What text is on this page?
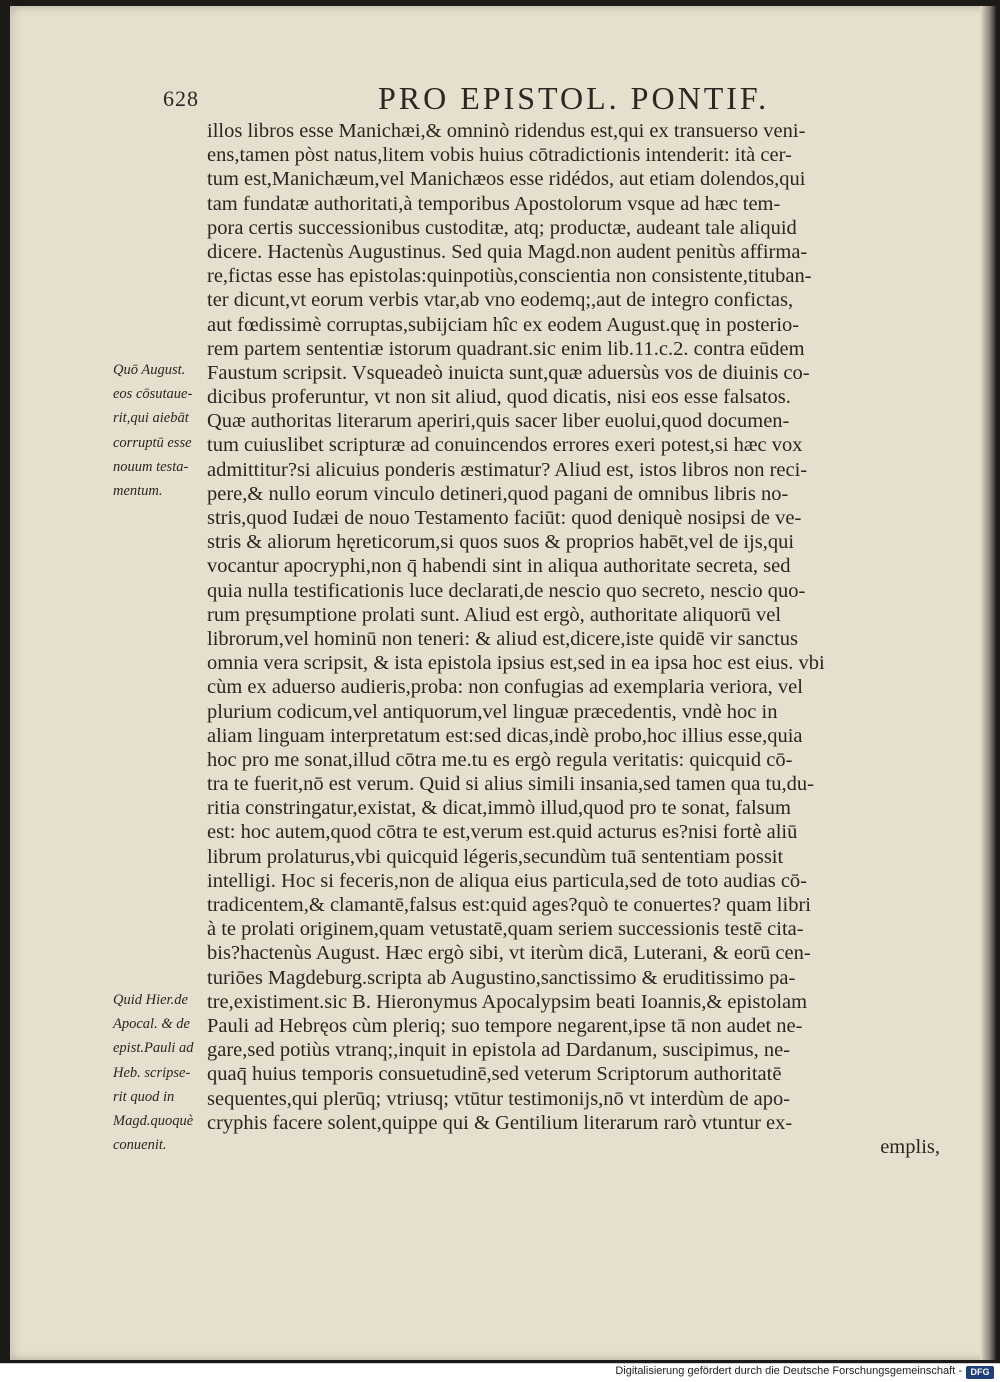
628	PRO EPISTOL. PONTIF.
illos libros esse Manichæi,& omninò ridendus est,qui ex transuerso veni-
ens,tamen pòst natus,litem vobis huius cōtradictionis intenderit: ità cer-
tum est,Manichæum,vel Manichæos esse ridédos, aut etiam dolendos,qui
tam fundatæ authoritati,à temporibus Apostolorum vsque ad hæc tem-
pora certis successionibus custoditæ, atq; productæ, audeant tale aliquid
dicere. Hactenùs Augustinus. Sed quia Magd.non audent penitùs affirma-
re,fictas esse has epistolas:quinpotiùs,conscientia non consistente,tituban-
ter dicunt,vt eorum verbis vtar,ab vno eodemq;,aut de integro confictas,
aut fœdissimè corruptas,subijciam hîc ex eodem August.quę in posterio-
rem partem sententiæ istorum quadrant.sic enim lib.11.c.2. contra eūdem
Faustum scripsit. Vsqueadeò inuicta sunt,quæ aduersùs vos de diuinis co-
dicibus proferuntur, vt non sit aliud, quod dicatis, nisi eos esse falsatos.
Quæ authoritas literarum aperiri,quis sacer liber euolui,quod documen-
tum cuiuslibet scripturæ ad conuincendos errores exeri potest,si hæc vox
admittitur?si alicuius ponderis æstimatur? Aliud est, istos libros non reci-
pere,& nullo eorum vinculo detineri,quod pagani de omnibus libris no-
stris,quod Iudæi de nouo Testamento faciūt: quod deniquè nosipsi de ve-
stris & aliorum hęreticorum,si quos suos & proprios habēt,vel de ijs,qui
vocantur apocryphi,non q̄ habendi sint in aliqua authoritate secreta, sed
quia nulla testificationis luce declarati,de nescio quo secreto, nescio quo-
rum pręsumptione prolati sunt. Aliud est ergò, authoritate aliquorū vel
librorum,vel hominū non teneri: & aliud est,dicere,iste quidē vir sanctus
omnia vera scripsit, & ista epistola ipsius est,sed in ea ipsa hoc est eius. vbi
cùm ex aduerso audieris,proba: non confugias ad exemplaria veriora, vel
plurium codicum,vel antiquorum,vel linguæ præcedentis, vndè hoc in
aliam linguam interpretatum est:sed dicas,indè probo,hoc illius esse,quia
hoc pro me sonat,illud cōtra me.tu es ergò regula veritatis: quicquid cō-
tra te fuerit,nō est verum. Quid si alius simili insania,sed tamen qua tu,du-
ritia constringatur,existat, & dicat,immò illud,quod pro te sonat, falsum
est: hoc autem,quod cōtra te est,verum est.quid acturus es?nisi fortè aliū
librum prolaturus,vbi quicquid légeris,secundùm tuā sententiam possit
intelligi. Hoc si feceris,non de aliqua eius particula,sed de toto audias cō-
tradicentem,& clamantē,falsus est:quid ages?quò te conuertes? quam libri
à te prolati originem,quam vetustatē,quam seriem successionis testē cita-
bis?hactenùs August. Hæc ergò sibi, vt iterùm dicā, Luterani, & eorū cen-
turiōes Magdeburg.scripta ab Augustino,sanctissimo & eruditissimo pa-
tre,existiment.sic B. Hieronymus Apocalypsim beati Ioannis,& epistolam
Pauli ad Hebręos cùm pleriq; suo tempore negarent,ipse tā non audet ne-
gare,sed potiùs vtranq;,inquit in epistola ad Dardanum, suscipimus, ne-
quaq̄ huius temporis consuetudinē,sed veterum Scriptorum authoritatē
sequentes,qui plerūq; vtriusq; vtūtur testimonijs,nō vt interdùm de apo-
cryphis facere solent,quippe qui & Gentilium literarum rarò vtuntur ex-
emplis,
Quō August.
eos cōsutaue-
rit,qui aiebāt
corruptū esse
nouum testa-
mentum.
Quid Hier.de
Apocal. & de
epist.Pauli ad
Heb. scripse-
rit quod in
Magd.quoquè
conuenit.
Digitalisierung gefördert durch die Deutsche Forschungsgemeinschaft - DFG
